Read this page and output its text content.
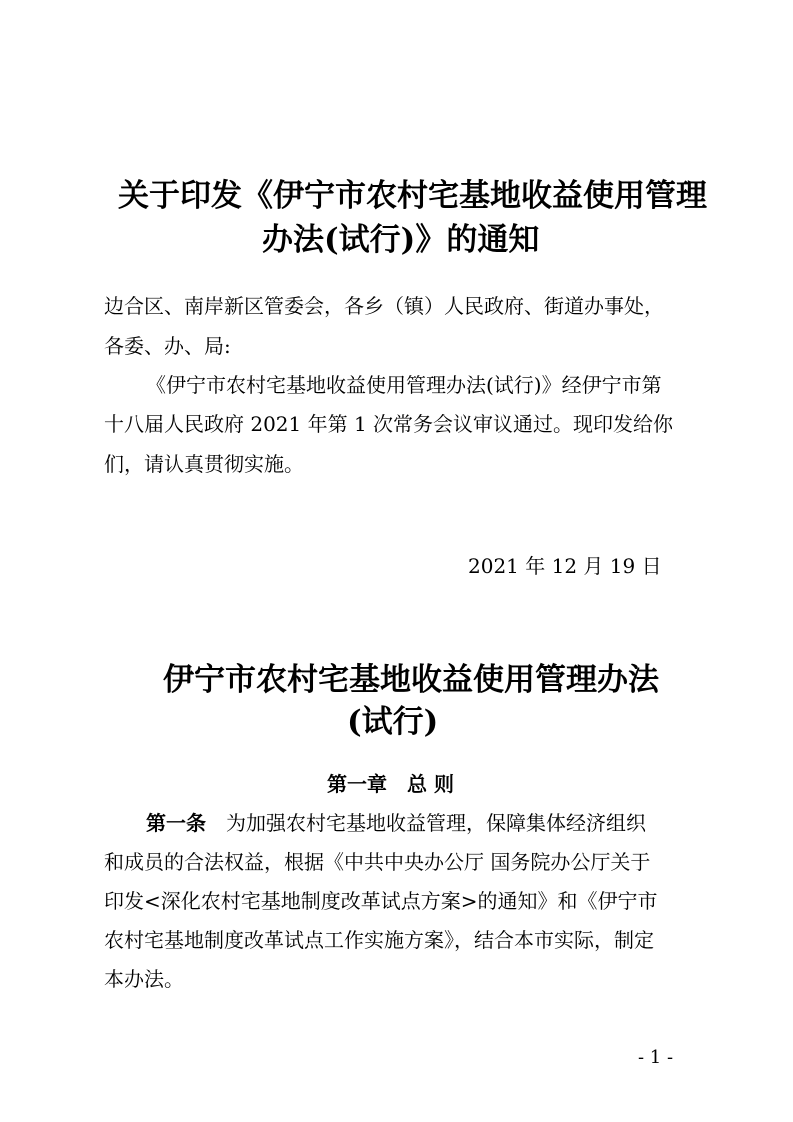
关于印发《伊宁市农村宅基地收益使用管理
办法(试行)》的通知
边合区、南岸新区管委会，各乡（镇）人民政府、街道办事处，
各委、办、局:
《伊宁市农村宅基地收益使用管理办法(试行)》经伊宁市第
十八届人民政府 2021 年第 1 次常务会议审议通过。现印发给你
们，请认真贯彻实施。
2021 年 12 月 19 日
伊宁市农村宅基地收益使用管理办法
(试行)
第一章　总 则
第一条　为加强农村宅基地收益管理，保障集体经济组织
和成员的合法权益，根据《中共中央办公厅 国务院办公厅关于
印发<深化农村宅基地制度改革试点方案>的通知》和《伊宁市
农村宅基地制度改革试点工作实施方案》，结合本市实际，制定
本办法。
- 1 -
